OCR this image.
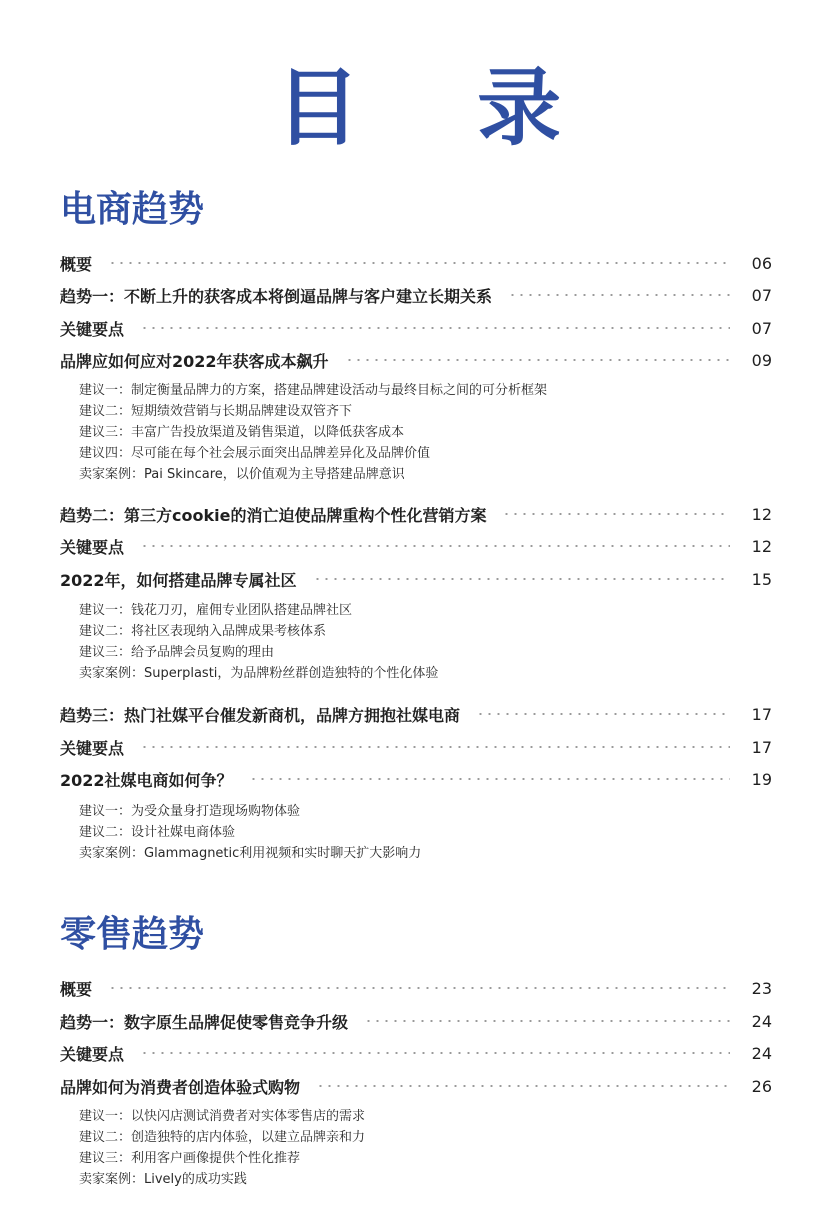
目 录
电商趋势
概要	06
趋势一：不断上升的获客成本将倒逼品牌与客户建立长期关系	07
关键要点	07
品牌应如何应对2022年获客成本飙升	09
建议一：制定衡量品牌力的方案，搭建品牌建设活动与最终目标之间的可分析框架
建议二：短期绩效营销与长期品牌建设双管齐下
建议三：丰富广告投放渠道及销售渠道，以降低获客成本
建议四：尽可能在每个社会展示面突出品牌差异化及品牌价值
卖家案例：Pai Skincare，以价值观为主导搭建品牌意识
趋势二：第三方cookie的消亡迫使品牌重构个性化营销方案	12
关键要点	12
2022年，如何搭建品牌专属社区	15
建议一：钱花刀刃，雇佣专业团队搭建品牌社区
建议二：将社区表现纳入品牌成果考核体系
建议三：给予品牌会员复购的理由
卖家案例：Superplasti，为品牌粉丝群创造独特的个性化体验
趋势三：热门社媒平台催发新商机，品牌方拥抱社媒电商	17
关键要点	17
2022社媒电商如何争？	19
建议一：为受众量身打造现场购物体验
建议二：设计社媒电商体验
卖家案例：Glammagnetic利用视频和实时聊天扩大影响力
零售趋势
概要	23
趋势一：数字原生品牌促使零售竞争升级	24
关键要点	24
品牌如何为消费者创造体验式购物	26
建议一：以快闪店测试消费者对实体零售店的需求
建议二：创造独特的店内体验，以建立品牌亲和力
建议三：利用客户画像提供个性化推荐
卖家案例：Lively的成功实践
